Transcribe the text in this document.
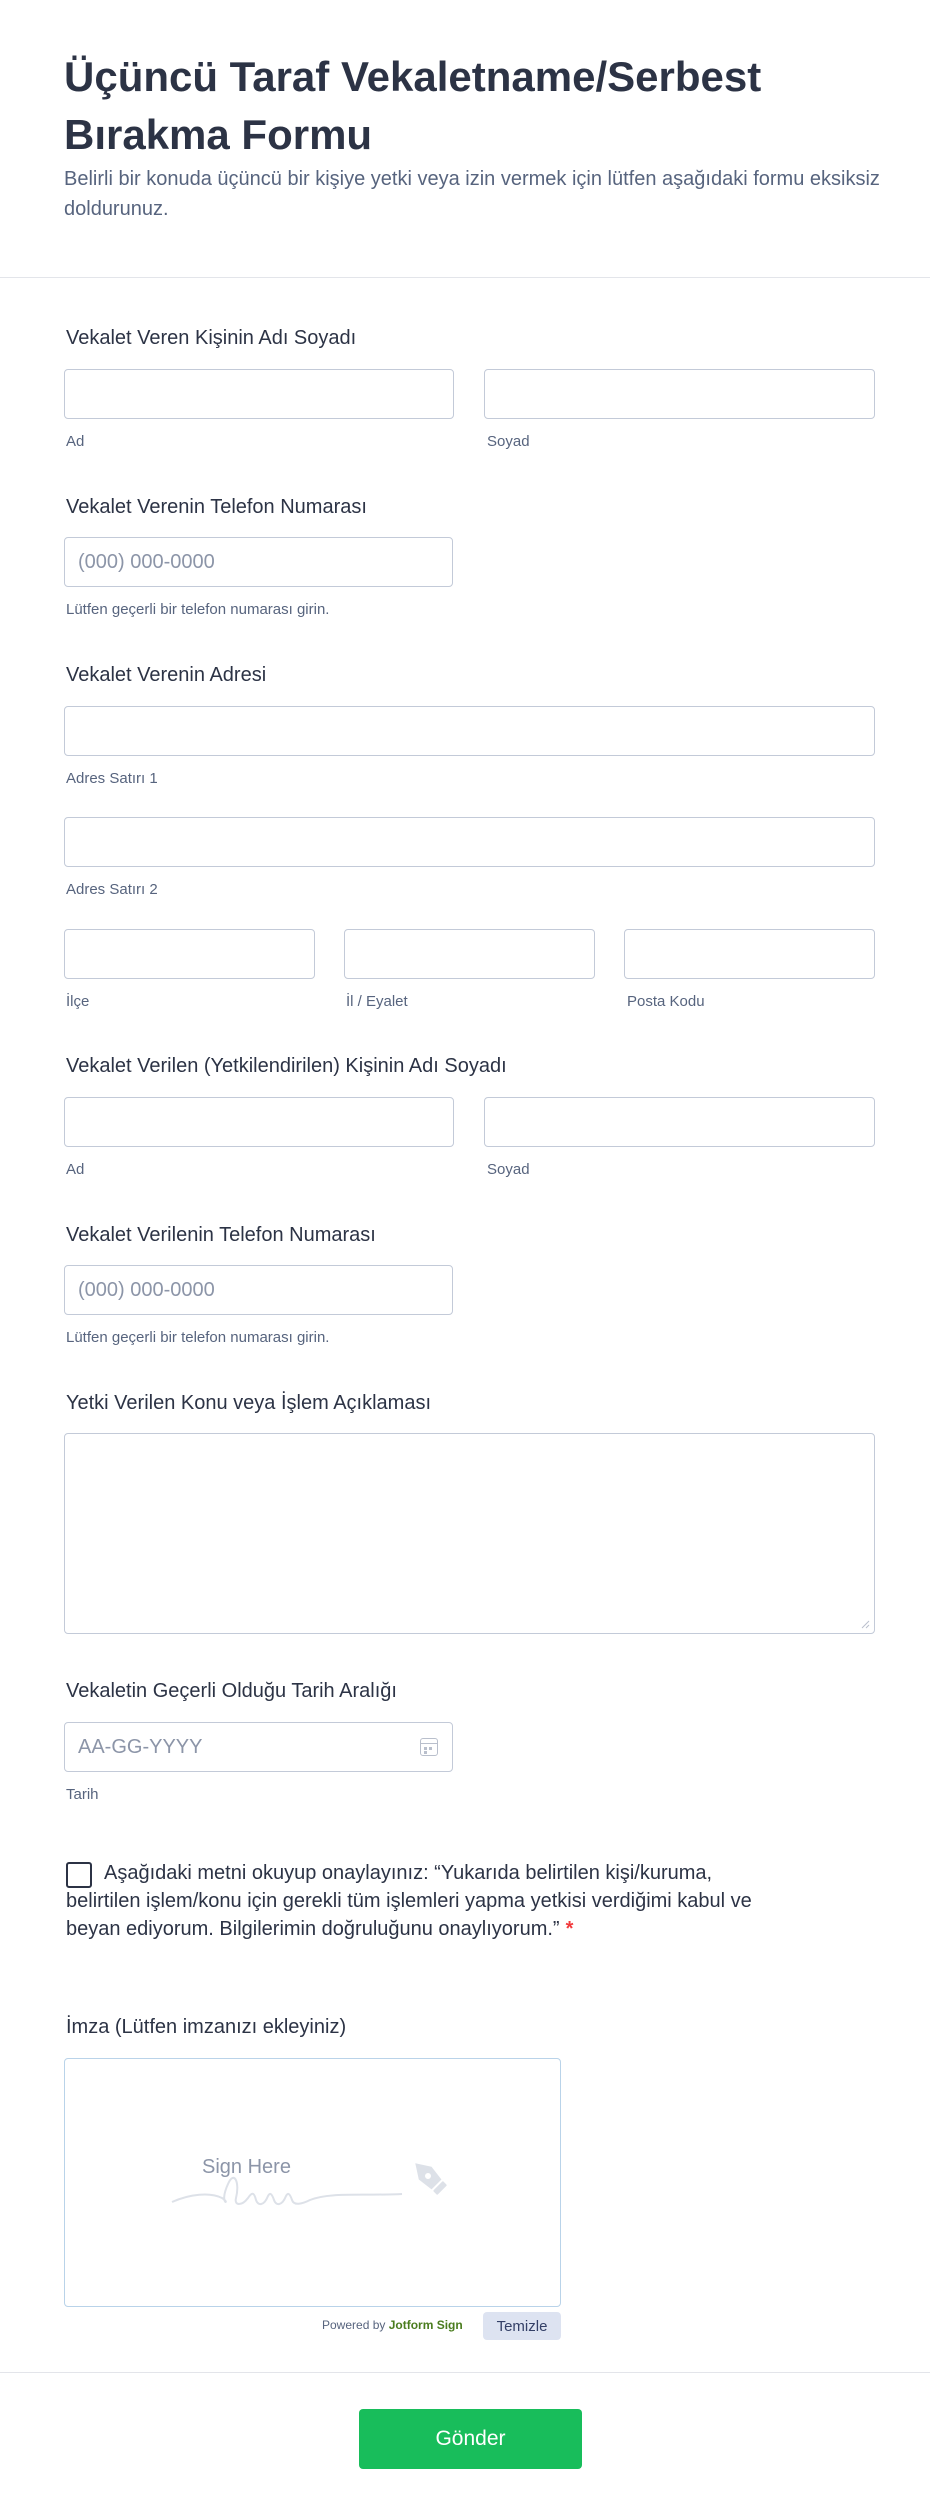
Üçüncü Taraf Vekaletname/Serbest Bırakma Formu

Belirli bir konuda üçüncü bir kişiye yetki veya izin vermek için lütfen aşağıdaki formu eksiksiz doldurunuz.

Vekalet Veren Kişinin Adı Soyadı
Ad	Soyad
Vekalet Verenin Telefon Numarası
(000) 000-0000
Lütfen geçerli bir telefon numarası girin.
Vekalet Verenin Adresi
Adres Satırı 1
Adres Satırı 2
İlçe	İl / Eyalet	Posta Kodu
Vekalet Verilen (Yetkilendirilen) Kişinin Adı Soyadı
Ad	Soyad
Vekalet Verilenin Telefon Numarası
(000) 000-0000
Lütfen geçerli bir telefon numarası girin.
Yetki Verilen Konu veya İşlem Açıklaması
Vekaletin Geçerli Olduğu Tarih Aralığı
AA-GG-YYYY
Tarih
Aşağıdaki metni okuyup onaylayınız: “Yukarıda belirtilen kişi/kuruma, belirtilen işlem/konu için gerekli tüm işlemleri yapma yetkisi verdiğimi kabul ve beyan ediyorum. Bilgilerimin doğruluğunu onaylıyorum.” *
İmza (Lütfen imzanızı ekleyiniz)
Sign Here
Powered by Jotform Sign	Temizle
Gönder
